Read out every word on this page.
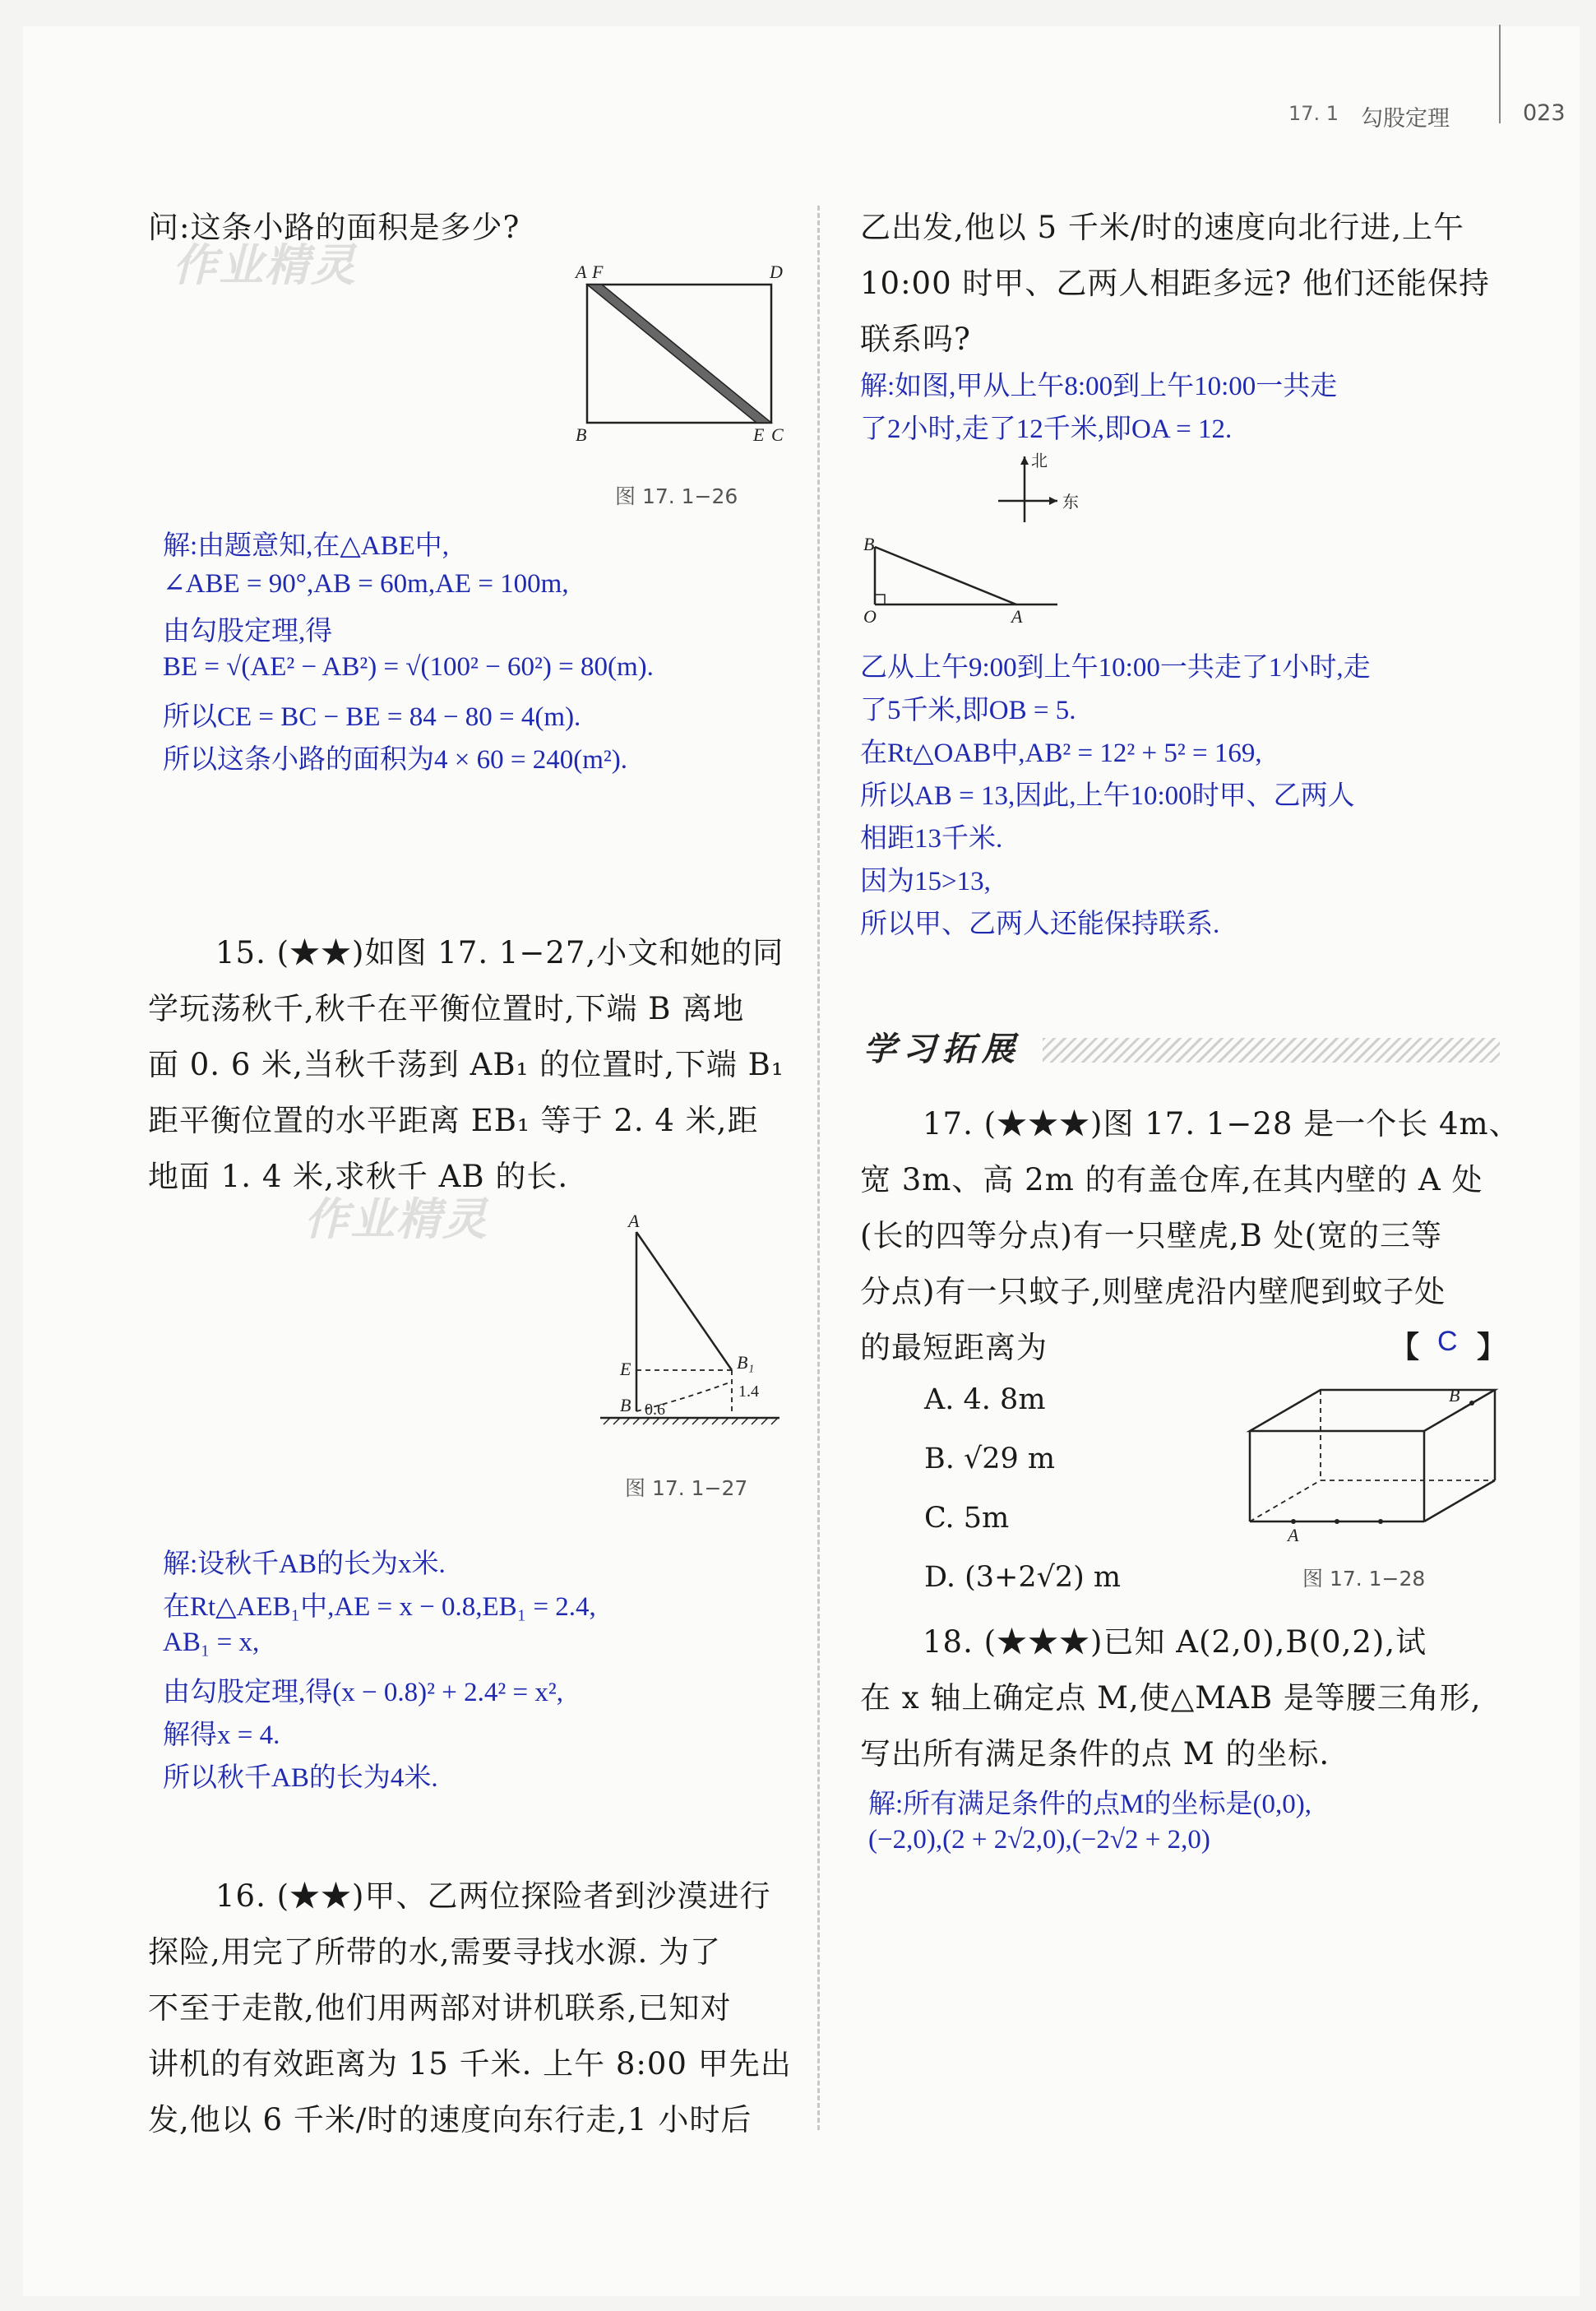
17. 1 勾股定理	023
作业精灵
作业精灵
问:这条小路的面积是多少?
A F	D
B	E C
图 17. 1−26
解:由题意知,在△ABE中,
∠ABE = 90°,AB = 60m,AE = 100m,
由勾股定理,得
BE = √(AE² − AB²) = √(100² − 60²) = 80(m).
所以CE = BC − BE = 84 − 80 = 4(m).
所以这条小路的面积为4 × 60 = 240(m²).
15. (★★)如图 17. 1−27,小文和她的同
学玩荡秋千,秋千在平衡位置时,下端 B 离地
面 0. 6 米,当秋千荡到 AB₁ 的位置时,下端 B₁
距平衡位置的水平距离 EB₁ 等于 2. 4 米,距
地面 1. 4 米,求秋千 AB 的长.
A
E
B
B₁
1.4
0.6
图 17. 1−27
解:设秋千AB的长为x米.
在Rt△AEB₁中,AE = x − 0.8,EB₁ = 2.4,
AB₁ = x,
由勾股定理,得(x − 0.8)² + 2.4² = x²,
解得x = 4.
所以秋千AB的长为4米.
16. (★★)甲、乙两位探险者到沙漠进行
探险,用完了所带的水,需要寻找水源. 为了
不至于走散,他们用两部对讲机联系,已知对
讲机的有效距离为 15 千米. 上午 8:00 甲先出
发,他以 6 千米/时的速度向东行走,1 小时后
乙出发,他以 5 千米/时的速度向北行进,上午
10:00 时甲、乙两人相距多远? 他们还能保持
联系吗?
解:如图,甲从上午8:00到上午10:00一共走
了2小时,走了12千米,即OA = 12.
北
东
B
O	A
乙从上午9:00到上午10:00一共走了1小时,走
了5千米,即OB = 5.
在Rt△OAB中,AB² = 12² + 5² = 169,
所以AB = 13,因此,上午10:00时甲、乙两人
相距13千米.
因为15>13,
所以甲、乙两人还能保持联系.
学习拓展
17. (★★★)图 17. 1−28 是一个长 4m、
宽 3m、高 2m 的有盖仓库,在其内壁的 A 处
(长的四等分点)有一只壁虎,B 处(宽的三等
分点)有一只蚊子,则壁虎沿内壁爬到蚊子处
的最短距离为	【 C 】
A. 4. 8m
B. √29 m
C. 5m
D. (3+2√2) m
A
B
图 17. 1−28
18. (★★★)已知 A(2,0),B(0,2),试
在 x 轴上确定点 M,使△MAB 是等腰三角形,
写出所有满足条件的点 M 的坐标.
解:所有满足条件的点M的坐标是(0,0),
(−2,0),(2 + 2√2,0),(−2√2 + 2,0)
